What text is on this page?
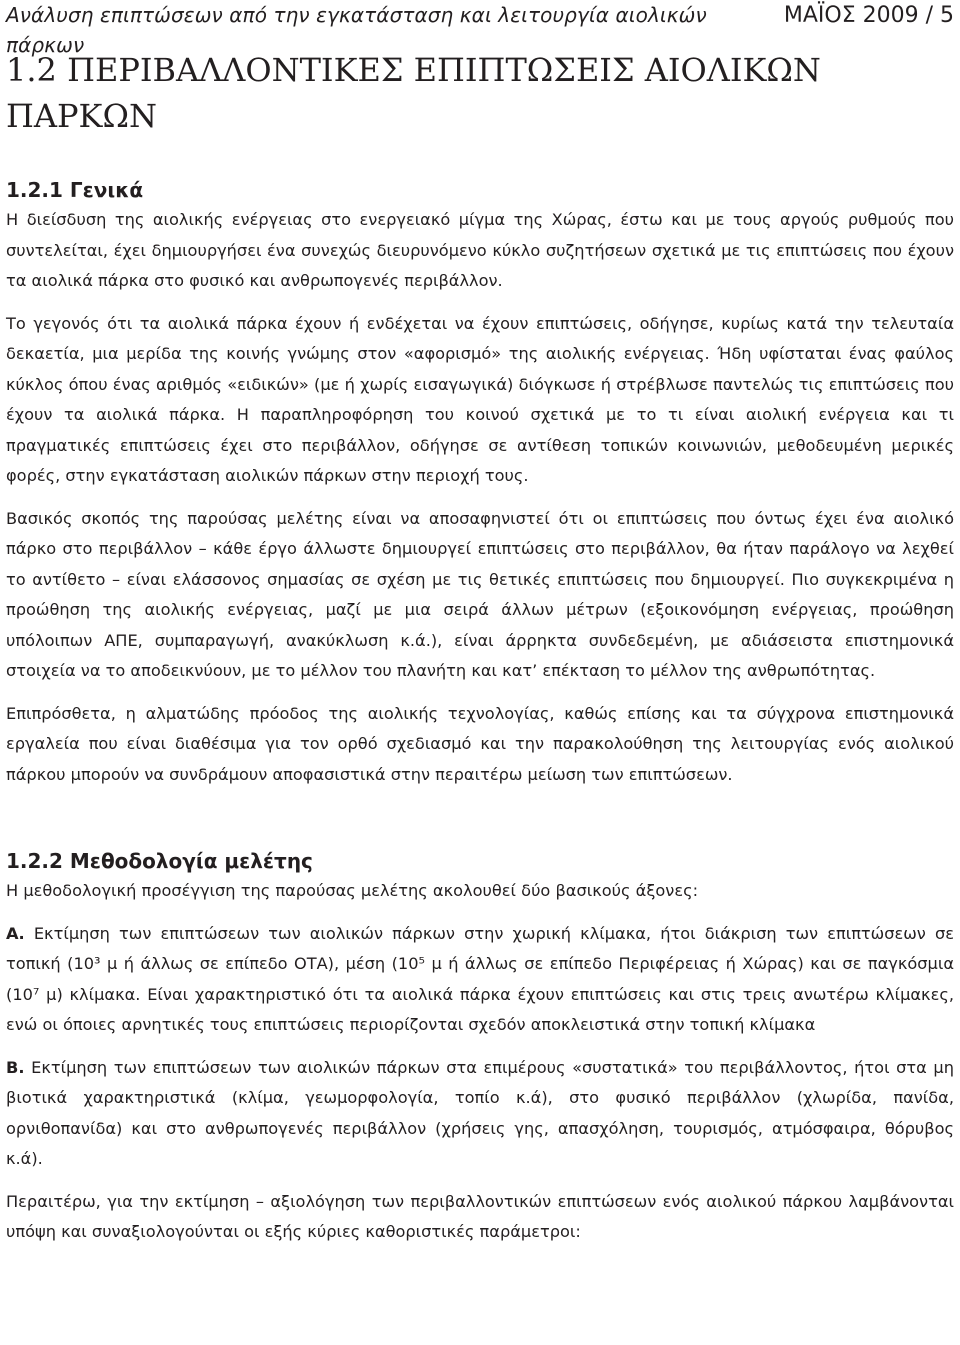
Ανάλυση επιπτώσεων από την εγκατάσταση και λειτουργία αιολικών πάρκων
ΜΑΪΟΣ 2009 / 5
1.2 ΠΕΡΙΒΑΛΛΟΝΤΙΚΕΣ ΕΠΙΠΤΩΣΕΙΣ ΑΙΟΛΙΚΩΝ ΠΑΡΚΩΝ
1.2.1 Γενικά

Η διείσδυση της αιολικής ενέργειας στο ενεργειακό μίγμα της Χώρας, έστω και με τους αργούς ρυθμούς που συντελείται, έχει δημιουργήσει ένα συνεχώς διευρυνόμενο κύκλο συζητήσεων σχετικά με τις επιπτώσεις που έχουν τα αιολικά πάρκα στο φυσικό και ανθρωπογενές περιβάλλον.

Το γεγονός ότι τα αιολικά πάρκα έχουν ή ενδέχεται να έχουν επιπτώσεις, οδήγησε, κυρίως κατά την τελευταία δεκαετία, μια μερίδα της κοινής γνώμης στον «αφορισμό» της αιολικής ενέργειας. Ήδη υφίσταται ένας φαύλος κύκλος όπου ένας αριθμός «ειδικών» (με ή χωρίς εισαγωγικά) διόγκωσε ή στρέβλωσε παντελώς τις επιπτώσεις που έχουν τα αιολικά πάρκα. Η παραπληροφόρηση του κοινού σχετικά με το τι είναι αιολική ενέργεια και τι πραγματικές επιπτώσεις έχει στο περιβάλλον, οδήγησε σε αντίθεση τοπικών κοινωνιών, μεθοδευμένη μερικές φορές, στην εγκατάσταση αιολικών πάρκων στην περιοχή τους.

Βασικός σκοπός της παρούσας μελέτης είναι να αποσαφηνιστεί ότι οι επιπτώσεις που όντως έχει ένα αιολικό πάρκο στο περιβάλλον – κάθε έργο άλλωστε δημιουργεί επιπτώσεις στο περιβάλλον, θα ήταν παράλογο να λεχθεί το αντίθετο – είναι ελάσσονος σημασίας σε σχέση με τις θετικές επιπτώσεις που δημιουργεί. Πιο συγκεκριμένα η προώθηση της αιολικής ενέργειας, μαζί με μια σειρά άλλων μέτρων (εξοικονόμηση ενέργειας, προώθηση υπόλοιπων ΑΠΕ, συμπαραγωγή, ανακύκλωση κ.ά.), είναι άρρηκτα συνδεδεμένη, με αδιάσειστα επιστημονικά στοιχεία να το αποδεικνύουν, με το μέλλον του πλανήτη και κατ’ επέκταση το μέλλον της ανθρωπότητας.

Επιπρόσθετα, η αλματώδης πρόοδος της αιολικής τεχνολογίας, καθώς επίσης και τα σύγχρονα επιστημονικά εργαλεία που είναι διαθέσιμα για τον ορθό σχεδιασμό και την παρακολούθηση της λειτουργίας ενός αιολικού πάρκου μπορούν να συνδράμουν αποφασιστικά στην περαιτέρω μείωση των επιπτώσεων.

1.2.2 Μεθοδολογία μελέτης

Η μεθοδολογική προσέγγιση της παρούσας μελέτης ακολουθεί δύο βασικούς άξονες:

Α. Εκτίμηση των επιπτώσεων των αιολικών πάρκων στην χωρική κλίμακα, ήτοι διάκριση των επιπτώσεων σε τοπική (10³ μ ή άλλως σε επίπεδο ΟΤΑ), μέση (10⁵ μ ή άλλως σε επίπεδο Περιφέρειας ή Χώρας) και σε παγκόσμια (10⁷ μ) κλίμακα. Είναι χαρακτηριστικό ότι τα αιολικά πάρκα έχουν επιπτώσεις και στις τρεις ανωτέρω κλίμακες, ενώ οι όποιες αρνητικές τους επιπτώσεις περιορίζονται σχεδόν αποκλειστικά στην τοπική κλίμακα

Β. Εκτίμηση των επιπτώσεων των αιολικών πάρκων στα επιμέρους «συστατικά» του περιβάλλοντος, ήτοι στα μη βιοτικά χαρακτηριστικά (κλίμα, γεωμορφολογία, τοπίο κ.ά), στο φυσικό περιβάλλον (χλωρίδα, πανίδα, ορνιθοπανίδα) και στο ανθρωπογενές περιβάλλον (χρήσεις γης, απασχόληση, τουρισμός, ατμόσφαιρα, θόρυβος κ.ά).

Περαιτέρω, για την εκτίμηση – αξιολόγηση των περιβαλλοντικών επιπτώσεων ενός αιολικού πάρκου λαμβάνονται υπόψη και συναξιολογούνται οι εξής κύριες καθοριστικές παράμετροι:
